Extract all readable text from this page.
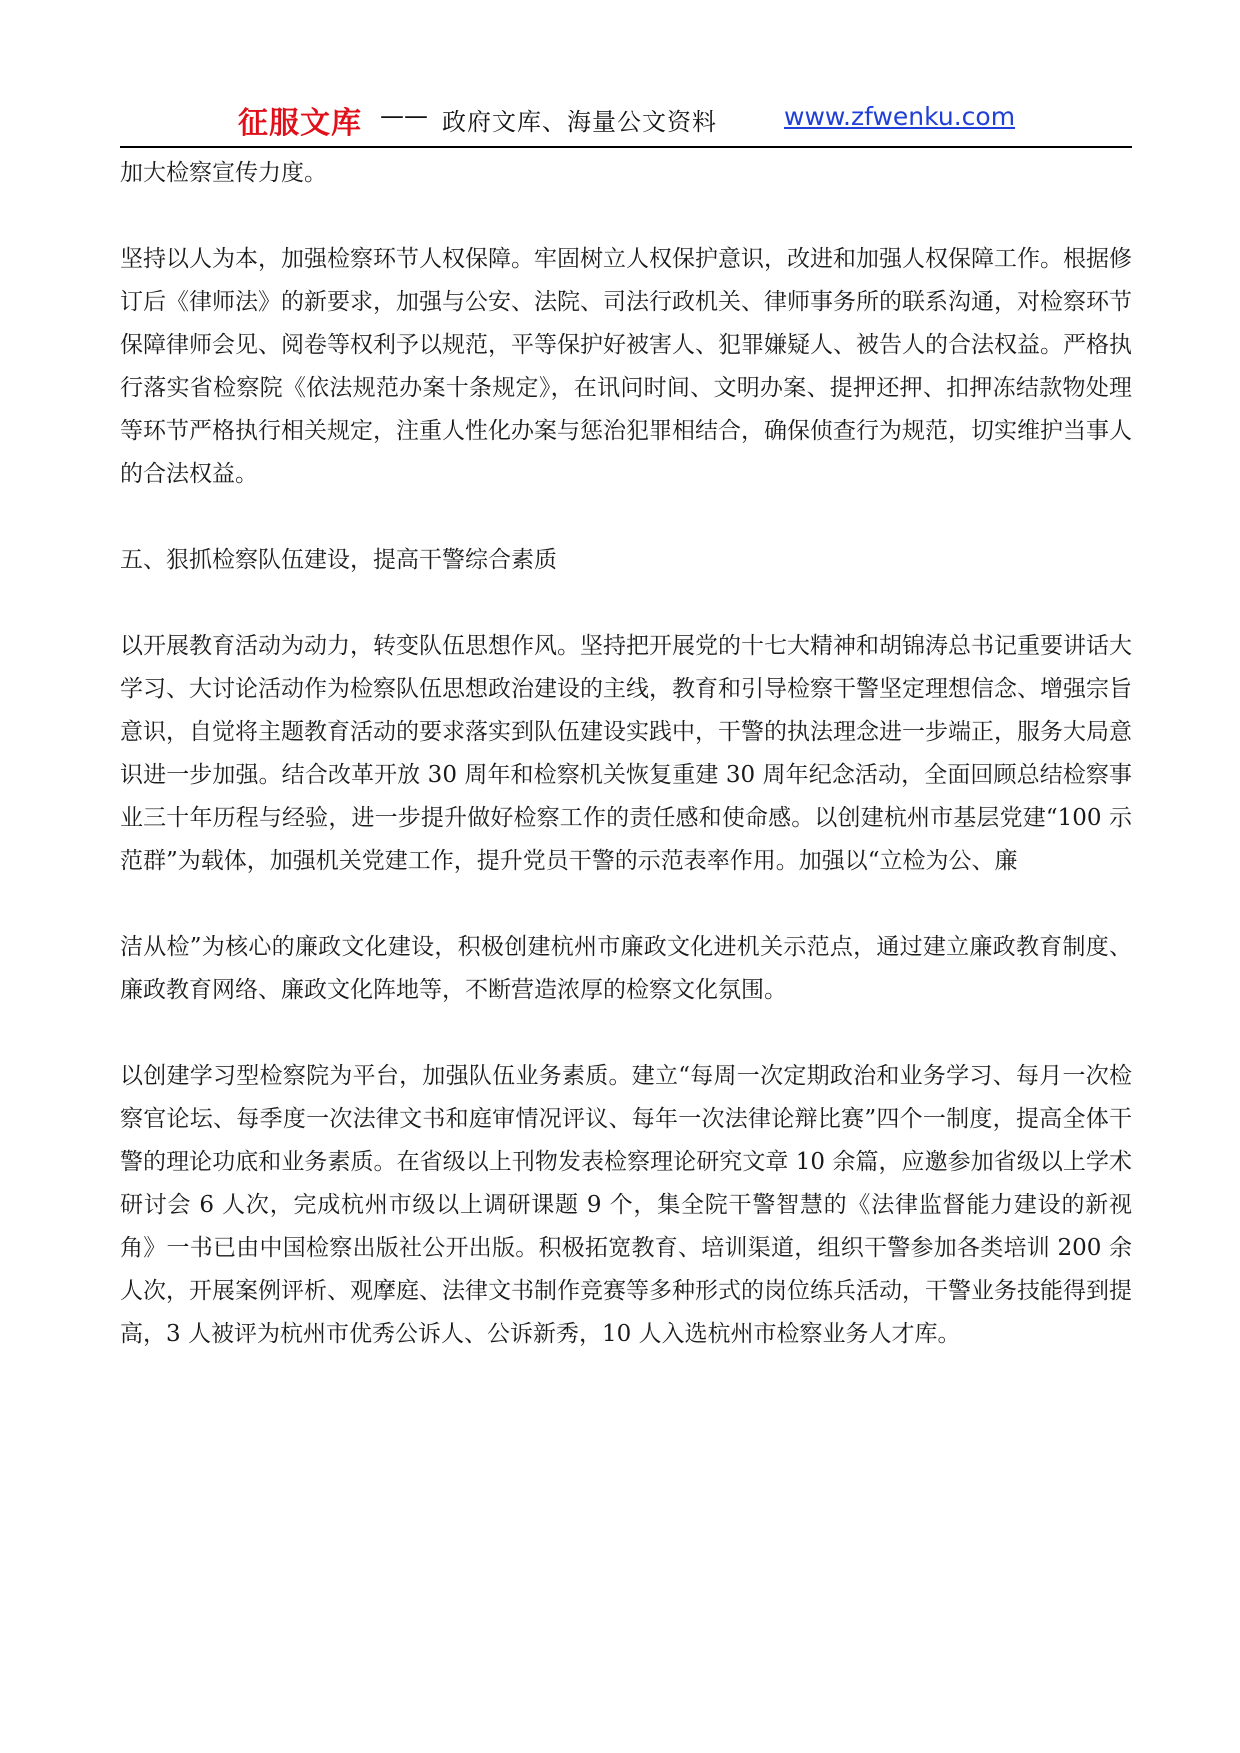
征服文库 —— 政府文库、海量公文资料	www.zfwenku.com

加大检察宣传力度。

坚持以人为本，加强检察环节人权保障。牢固树立人权保护意识，改进和加强人权保障工作。根据修订后《律师法》的新要求，加强与公安、法院、司法行政机关、律师事务所的联系沟通，对检察环节保障律师会见、阅卷等权利予以规范，平等保护好被害人、犯罪嫌疑人、被告人的合法权益。严格执行落实省检察院《依法规范办案十条规定》，在讯问时间、文明办案、提押还押、扣押冻结款物处理等环节严格执行相关规定，注重人性化办案与惩治犯罪相结合，确保侦查行为规范，切实维护当事人的合法权益。

五、狠抓检察队伍建设，提高干警综合素质

以开展教育活动为动力，转变队伍思想作风。坚持把开展党的十七大精神和胡锦涛总书记重要讲话大学习、大讨论活动作为检察队伍思想政治建设的主线，教育和引导检察干警坚定理想信念、增强宗旨意识，自觉将主题教育活动的要求落实到队伍建设实践中，干警的执法理念进一步端正，服务大局意识进一步加强。结合改革开放 30 周年和检察机关恢复重建 30 周年纪念活动，全面回顾总结检察事业三十年历程与经验，进一步提升做好检察工作的责任感和使命感。以创建杭州市基层党建“100 示范群”为载体，加强机关党建工作，提升党员干警的示范表率作用。加强以“立检为公、廉

洁从检”为核心的廉政文化建设，积极创建杭州市廉政文化进机关示范点，通过建立廉政教育制度、廉政教育网络、廉政文化阵地等，不断营造浓厚的检察文化氛围。

以创建学习型检察院为平台，加强队伍业务素质。建立“每周一次定期政治和业务学习、每月一次检察官论坛、每季度一次法律文书和庭审情况评议、每年一次法律论辩比赛”四个一制度，提高全体干警的理论功底和业务素质。在省级以上刊物发表检察理论研究文章 10 余篇，应邀参加省级以上学术研讨会 6 人次，完成杭州市级以上调研课题 9 个，集全院干警智慧的《法律监督能力建设的新视角》一书已由中国检察出版社公开出版。积极拓宽教育、培训渠道，组织干警参加各类培训 200 余人次，开展案例评析、观摩庭、法律文书制作竞赛等多种形式的岗位练兵活动，干警业务技能得到提高，3 人被评为杭州市优秀公诉人、公诉新秀，10 人入选杭州市检察业务人才库。
